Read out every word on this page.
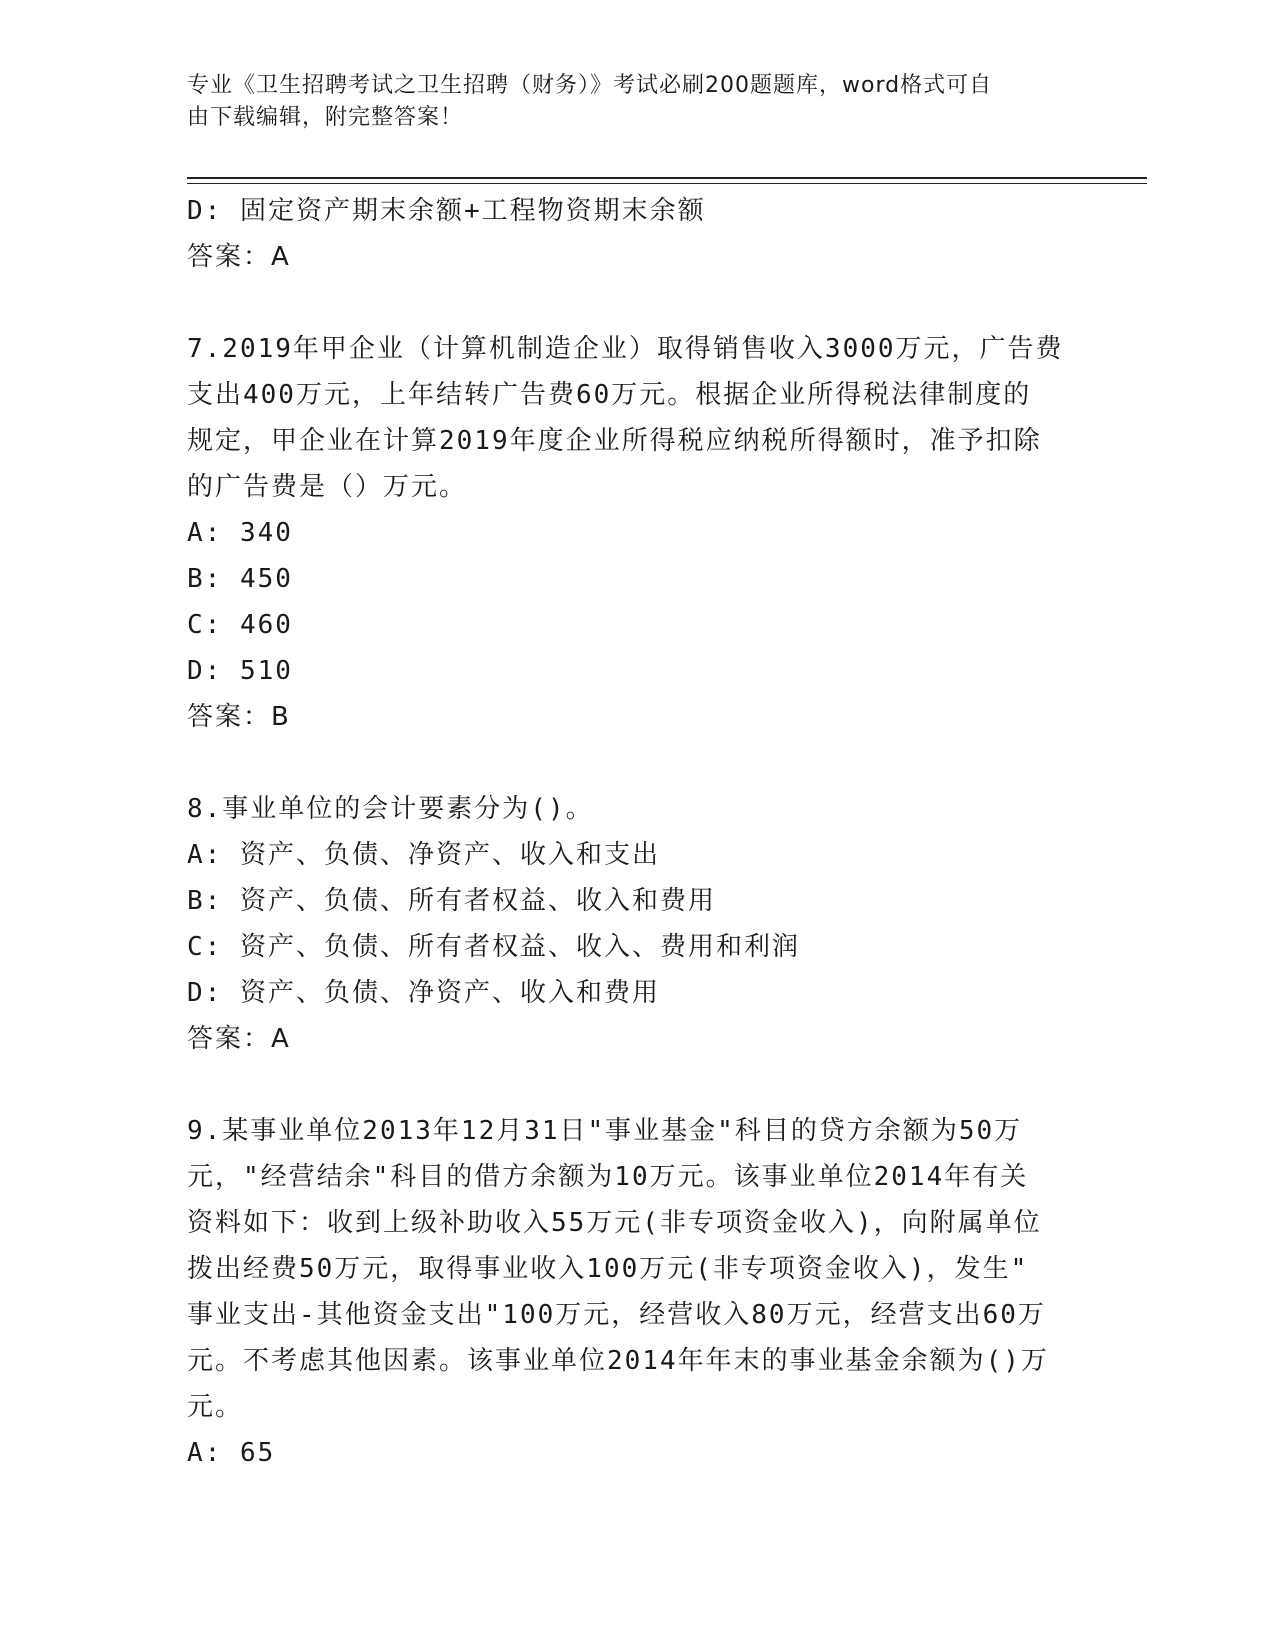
专业《卫生招聘考试之卫生招聘（财务）》考试必刷200题题库，word格式可自
由下载编辑，附完整答案！

D: 固定资产期末余额+工程物资期末余额

答案：A

7.2019年甲企业（计算机制造企业）取得销售收入3000万元，广告费

支出400万元，上年结转广告费60万元。根据企业所得税法律制度的

规定，甲企业在计算2019年度企业所得税应纳税所得额时，准予扣除

的广告费是（）万元。

A: 340

B: 450

C: 460

D: 510

答案：B

8.事业单位的会计要素分为()。

A: 资产、负债、净资产、收入和支出

B: 资产、负债、所有者权益、收入和费用

C: 资产、负债、所有者权益、收入、费用和利润

D: 资产、负债、净资产、收入和费用

答案：A

9.某事业单位2013年12月31日"事业基金"科目的贷方余额为50万

元，"经营结余"科目的借方余额为10万元。该事业单位2014年有关

资料如下：收到上级补助收入55万元(非专项资金收入)，向附属单位

拨出经费50万元，取得事业收入100万元(非专项资金收入)，发生"

事业支出-其他资金支出"100万元，经营收入80万元，经营支出60万

元。不考虑其他因素。该事业单位2014年年末的事业基金余额为()万

元。

A: 65
